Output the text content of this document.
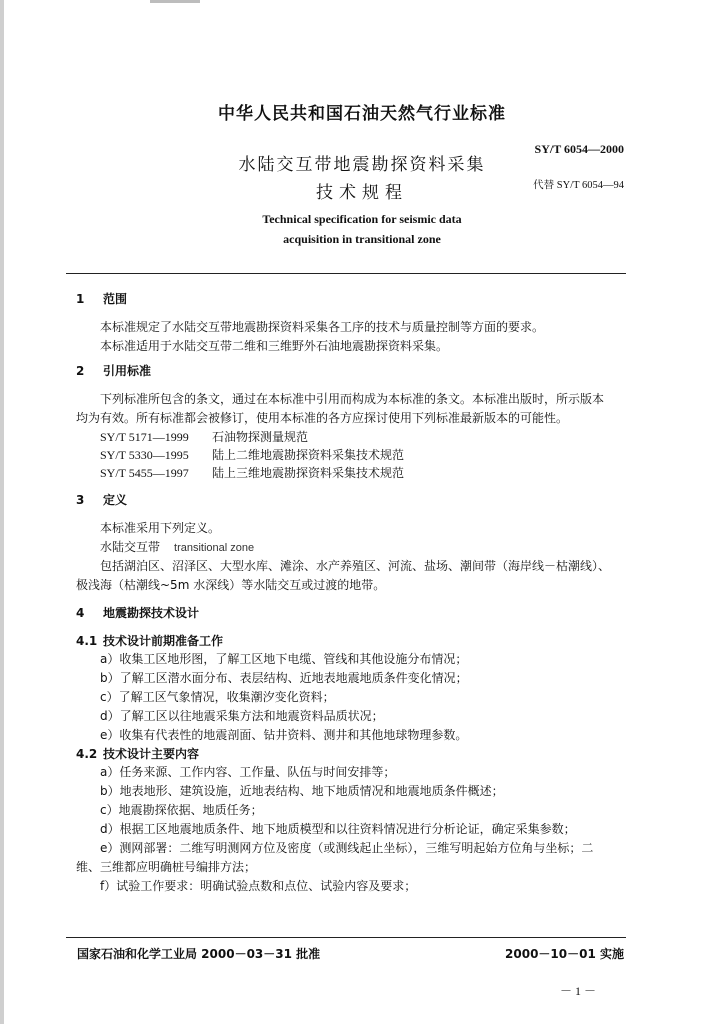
中华人民共和国石油天然气行业标准
SY/T 6054—2000
水陆交互带地震勘探资料采集
技术规程	代替 SY/T 6054—94
Technical specification for seismic data
acquisition in transitional zone
1 范围
本标准规定了水陆交互带地震勘探资料采集各工序的技术与质量控制等方面的要求。
本标准适用于水陆交互带二维和三维野外石油地震勘探资料采集。
2 引用标准
下列标准所包含的条文，通过在本标准中引用而构成为本标准的条文。本标准出版时，所示版本
均为有效。所有标准都会被修订，使用本标准的各方应探讨使用下列标准最新版本的可能性。
SY/T 5171—1999 石油物探测量规范
SY/T 5330—1995 陆上二维地震勘探资料采集技术规范
SY/T 5455—1997 陆上三维地震勘探资料采集技术规范
3 定义
本标准采用下列定义。
水陆交互带 transitional zone
包括湖泊区、沼泽区、大型水库、滩涂、水产养殖区、河流、盐场、潮间带（海岸线－枯潮线）、
极浅海（枯潮线~5m 水深线）等水陆交互或过渡的地带。
4 地震勘探技术设计
4.1 技术设计前期准备工作
a）收集工区地形图，了解工区地下电缆、管线和其他设施分布情况；
b）了解工区潜水面分布、表层结构、近地表地震地质条件变化情况；
c）了解工区气象情况，收集潮汐变化资料；
d）了解工区以往地震采集方法和地震资料品质状况；
e）收集有代表性的地震剖面、钻井资料、测井和其他地球物理参数。
4.2 技术设计主要内容
a）任务来源、工作内容、工作量、队伍与时间安排等；
b）地表地形、建筑设施，近地表结构、地下地质情况和地震地质条件概述；
c）地震勘探依据、地质任务；
d）根据工区地震地质条件、地下地质模型和以往资料情况进行分析论证，确定采集参数；
e）测网部署：二维写明测网方位及密度（或测线起止坐标），三维写明起始方位角与坐标；二
维、三维都应明确桩号编排方法；
f）试验工作要求：明确试验点数和点位、试验内容及要求；
国家石油和化学工业局 2000－03－31 批准	2000－10－01 实施
－ 1 －
